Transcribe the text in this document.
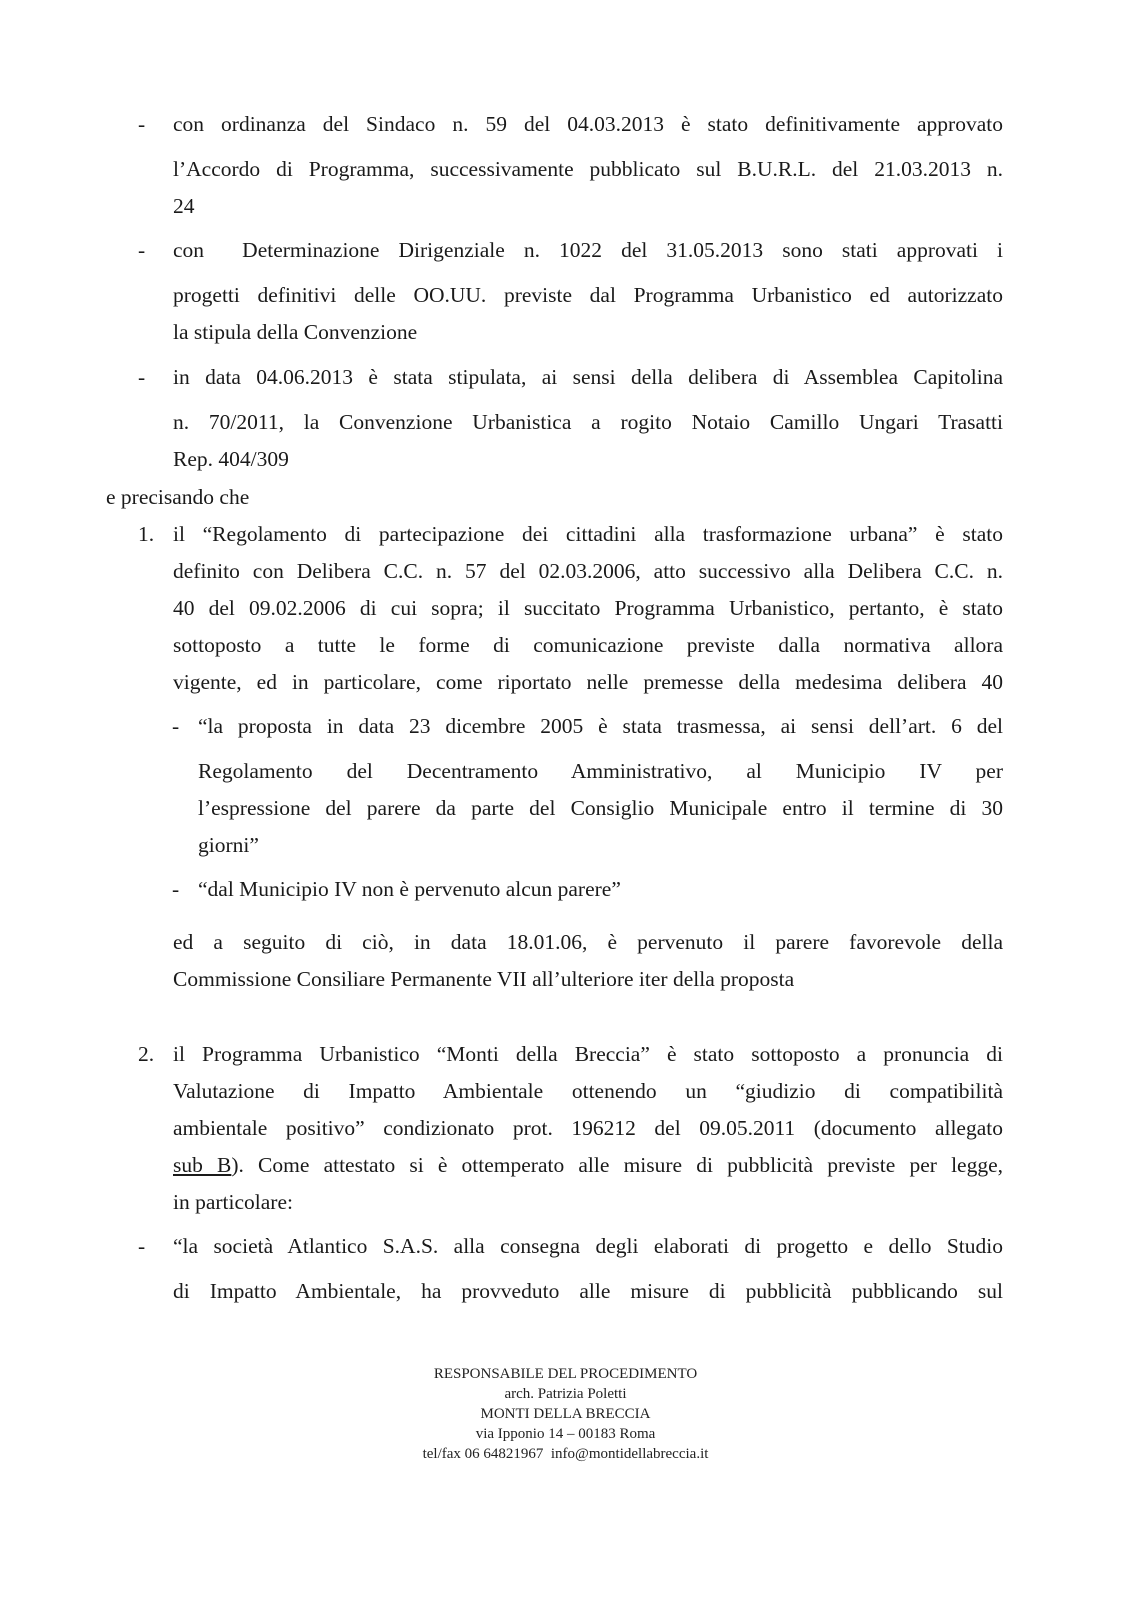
- con ordinanza del Sindaco n. 59 del 04.03.2013 è stato definitivamente approvato
l’Accordo di Programma, successivamente pubblicato sul B.U.R.L. del 21.03.2013 n.
24
- con  Determinazione Dirigenziale n. 1022 del 31.05.2013 sono stati approvati i
progetti definitivi delle OO.UU. previste dal Programma Urbanistico ed autorizzato
la stipula della Convenzione
- in data 04.06.2013 è stata stipulata, ai sensi della delibera di Assemblea Capitolina
n. 70/2011, la Convenzione Urbanistica a rogito Notaio Camillo Ungari Trasatti
Rep. 404/309
e precisando che
1. il “Regolamento di partecipazione dei cittadini alla trasformazione urbana” è stato
definito con Delibera C.C. n. 57 del 02.03.2006, atto successivo alla Delibera C.C. n.
40 del 09.02.2006 di cui sopra; il succitato Programma Urbanistico, pertanto, è stato
sottoposto a tutte le forme di comunicazione previste dalla normativa allora
vigente, ed in particolare, come riportato nelle premesse della medesima delibera 40
- “la proposta in data 23 dicembre 2005 è stata trasmessa, ai sensi dell’art. 6 del
Regolamento del Decentramento Amministrativo, al Municipio IV per
l’espressione del parere da parte del Consiglio Municipale entro il termine di 30
giorni”
- “dal Municipio IV non è pervenuto alcun parere”
ed a seguito di ciò, in data 18.01.06, è pervenuto il parere favorevole della
Commissione Consiliare Permanente VII all’ulteriore iter della proposta
2. il Programma Urbanistico “Monti della Breccia” è stato sottoposto a pronuncia di
Valutazione di Impatto Ambientale ottenendo un “giudizio di compatibilità
ambientale positivo” condizionato prot. 196212 del 09.05.2011 (documento allegato
sub B). Come attestato si è ottemperato alle misure di pubblicità previste per legge,
in particolare:
- “la società Atlantico S.A.S. alla consegna degli elaborati di progetto e dello Studio
di Impatto Ambientale, ha provveduto alle misure di pubblicità pubblicando sul
RESPONSABILE DEL PROCEDIMENTO
arch. Patrizia Poletti
MONTI DELLA BRECCIA
via Ipponio 14 – 00183 Roma
tel/fax 06 64821967  info@montidellabreccia.it
